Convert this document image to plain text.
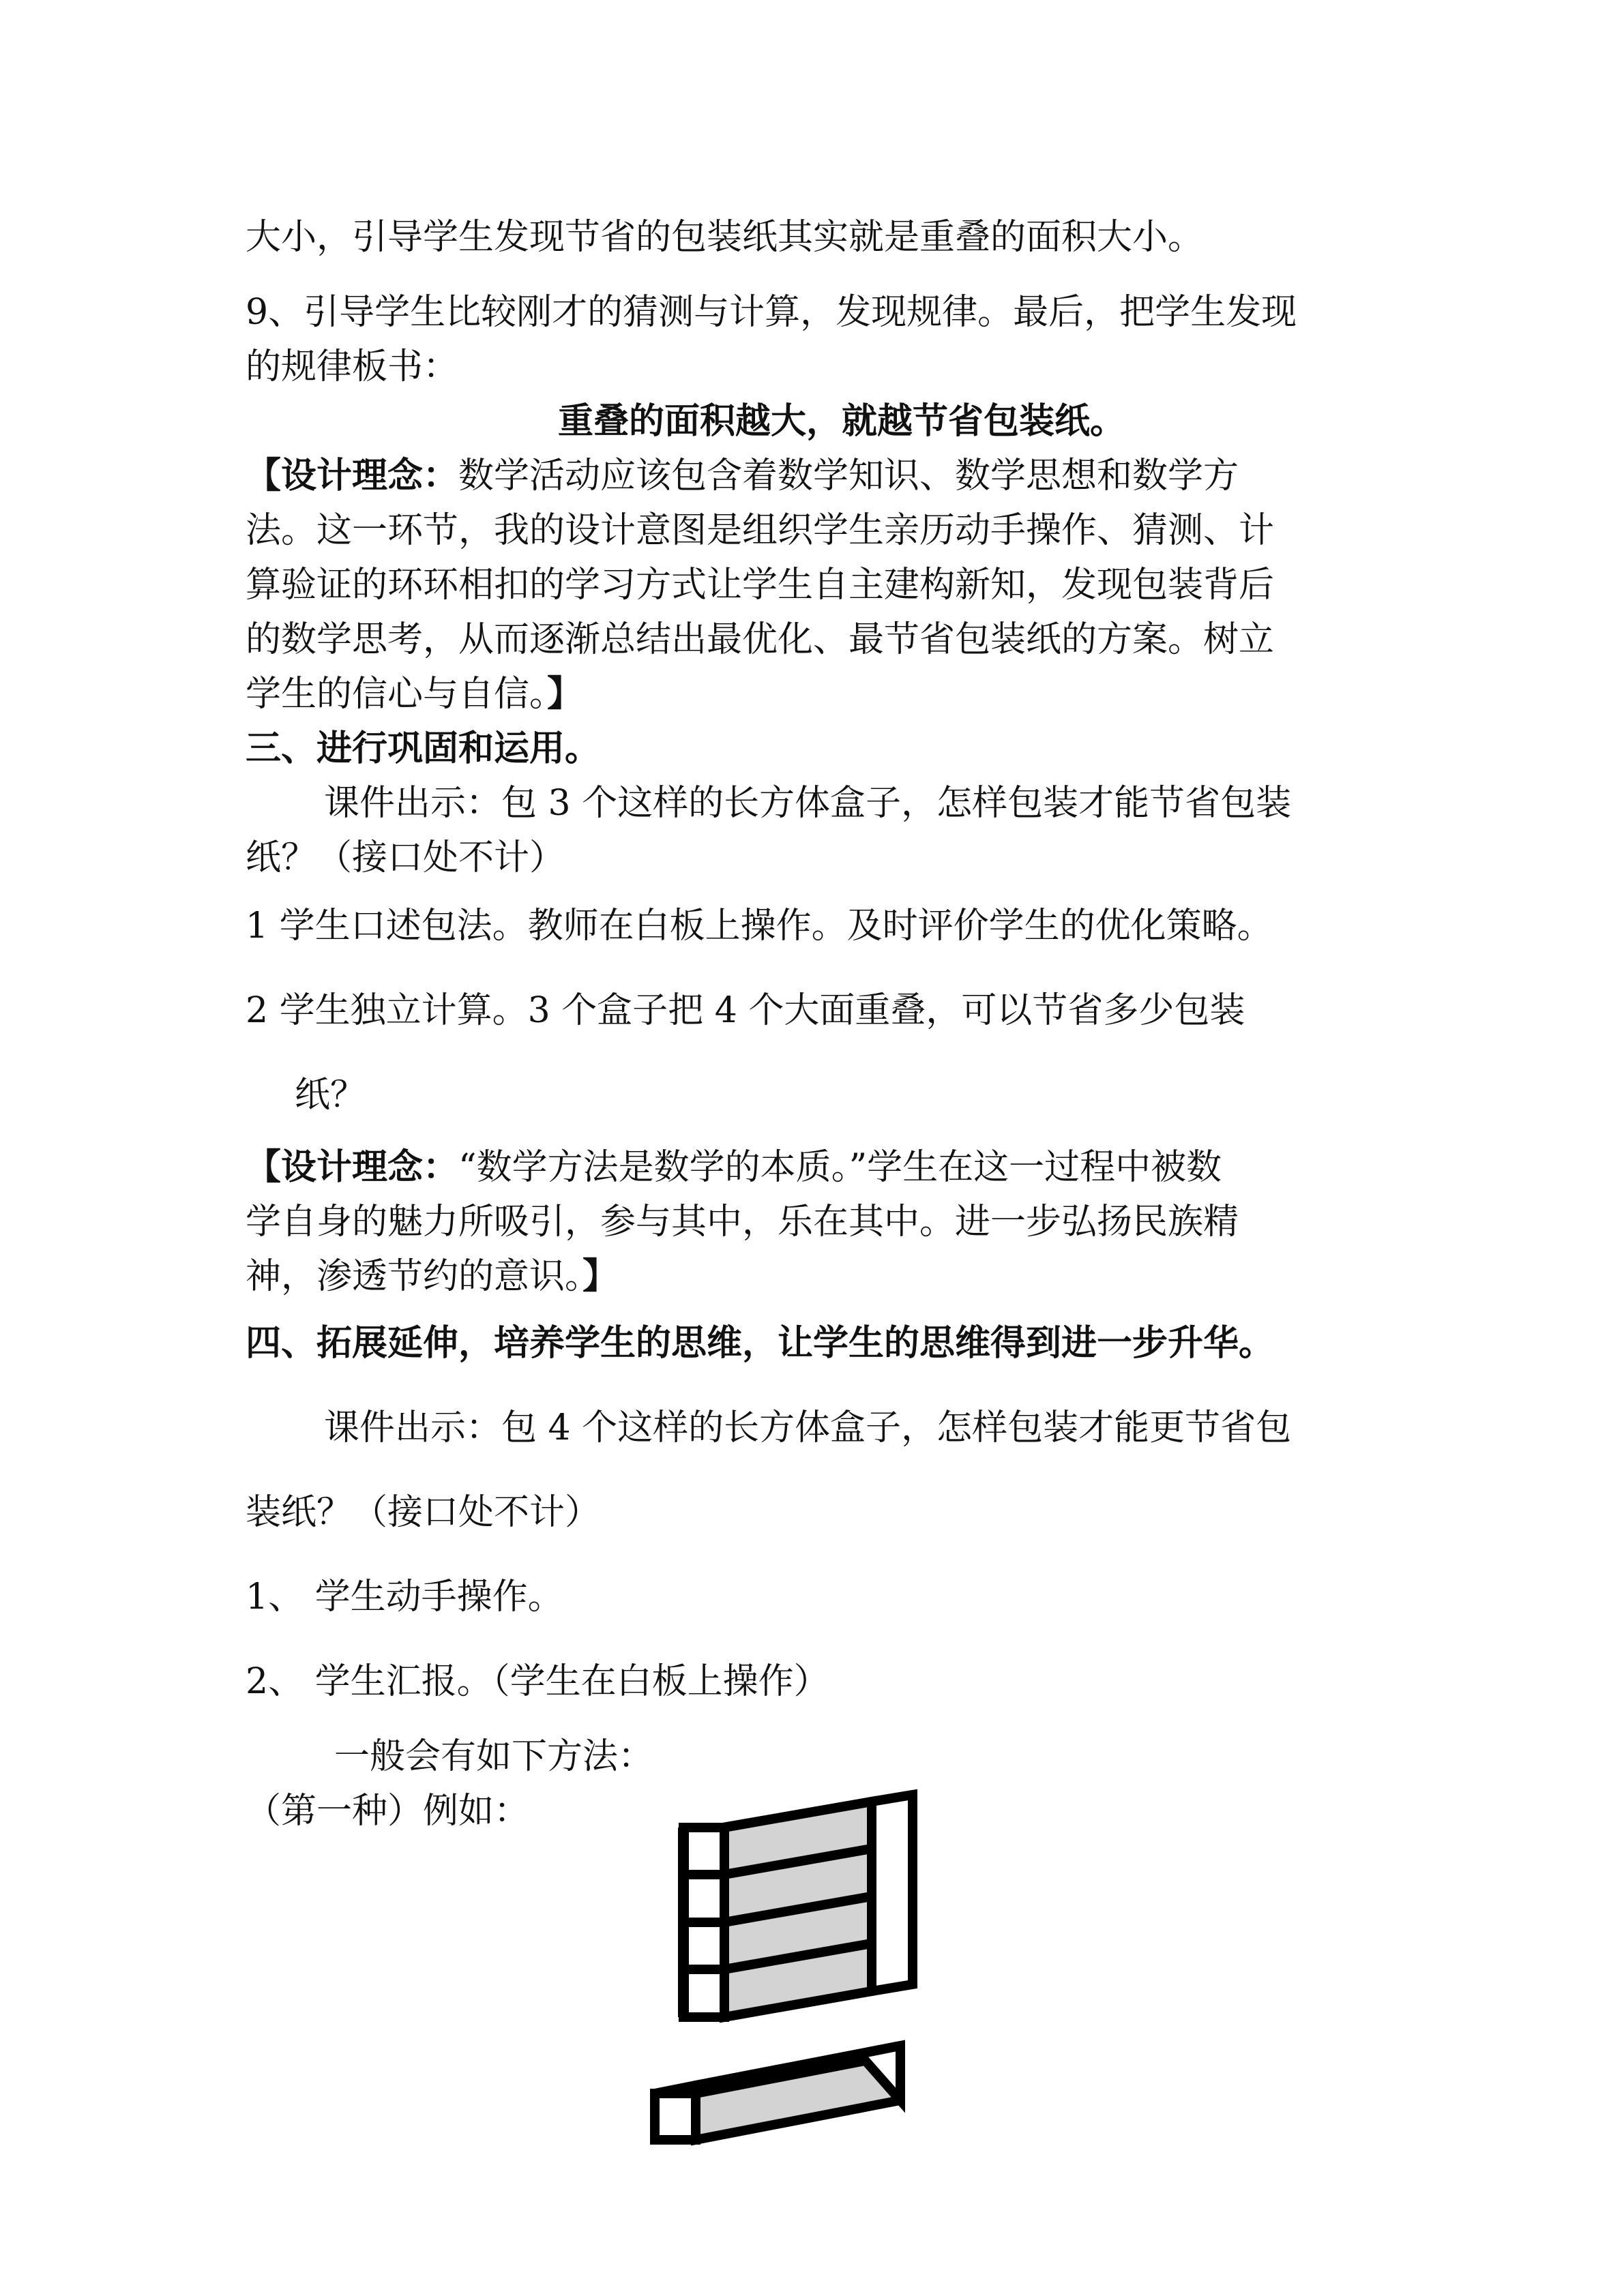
大小，引导学生发现节省的包装纸其实就是重叠的面积大小。
9、引导学生比较刚才的猜测与计算，发现规律。最后，把学生发现
的规律板书：
重叠的面积越大，就越节省包装纸。
【设计理念：数学活动应该包含着数学知识、数学思想和数学方
法。这一环节，我的设计意图是组织学生亲历动手操作、猜测、计
算验证的环环相扣的学习方式让学生自主建构新知，发现包装背后
的数学思考，从而逐渐总结出最优化、最节省包装纸的方案。树立
学生的信心与自信。】
三、进行巩固和运用。
课件出示：包 3 个这样的长方体盒子，怎样包装才能节省包装
纸？（接口处不计）
1 学生口述包法。教师在白板上操作。及时评价学生的优化策略。
2 学生独立计算。3 个盒子把 4 个大面重叠，可以节省多少包装
纸？
【设计理念：“数学方法是数学的本质。”学生在这一过程中被数
学自身的魅力所吸引，参与其中，乐在其中。进一步弘扬民族精
神，渗透节约的意识。】
四、拓展延伸，培养学生的思维，让学生的思维得到进一步升华。
课件出示：包 4 个这样的长方体盒子，怎样包装才能更节省包
装纸？（接口处不计）
1、 学生动手操作。
2、 学生汇报。（学生在白板上操作）
一般会有如下方法：
（第一种）例如：
